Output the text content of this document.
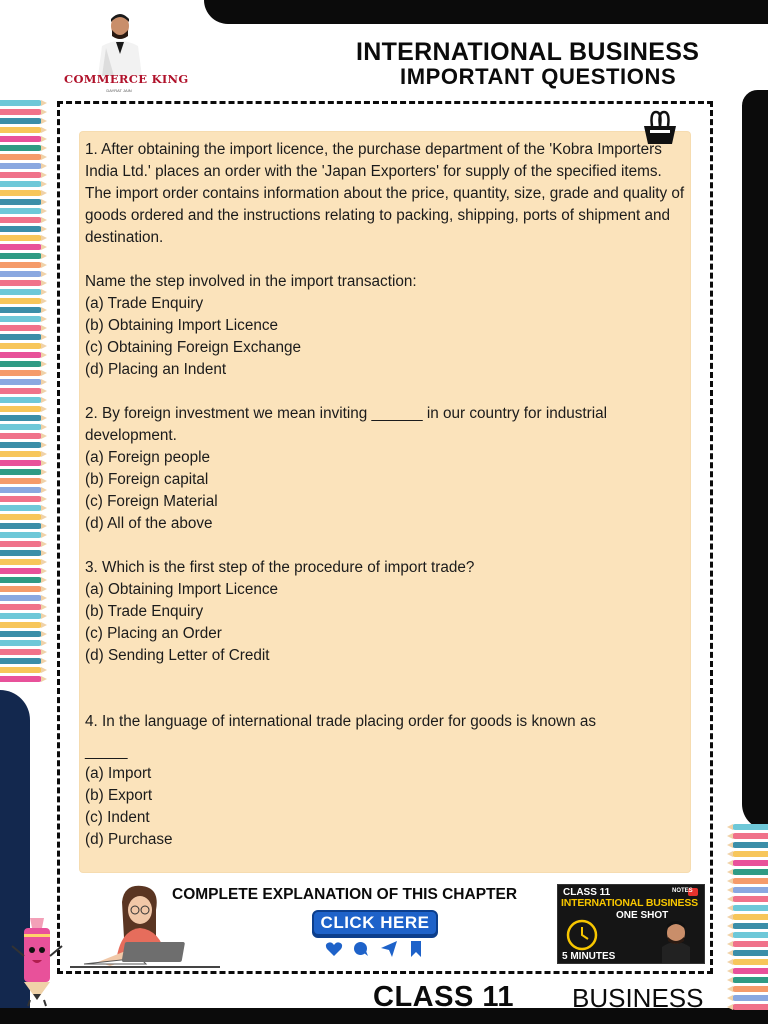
COMMERCE KING
DAYRAT JAIN
INTERNATIONAL BUSINESS
IMPORTANT QUESTIONS

1. After obtaining the import licence, the purchase department of the 'Kobra Importers India Ltd.' places an order with the 'Japan Exporters' for supply of the specified items. The import order contains information about the price, quantity, size, grade and quality of goods ordered and the instructions relating to packing, shipping, ports of shipment and destination.

Name the step involved in the import transaction:

(a) Trade Enquiry

(b) Obtaining Import Licence

(c) Obtaining Foreign Exchange

(d) Placing an Indent

2. By foreign investment we mean inviting ______ in our country for industrial development.

(a) Foreign people

(b) Foreign capital

(c) Foreign Material

(d) All of the above

3. Which is the first step of the procedure of import trade?

(a) Obtaining Import Licence

(b) Trade Enquiry

(c) Placing an Order

(d) Sending Letter of Credit

4. In the language of international trade placing order for goods is known as

_____

(a) Import

(b) Export

(c) Indent

(d) Purchase

COMPLETE EXPLANATION OF THIS CHAPTER
CLICK HERE
CLASS 11	NOTES
INTERNATIONAL BUSINESS
ONE SHOT
5 MINUTES
CLASS 11 BUSINESS
